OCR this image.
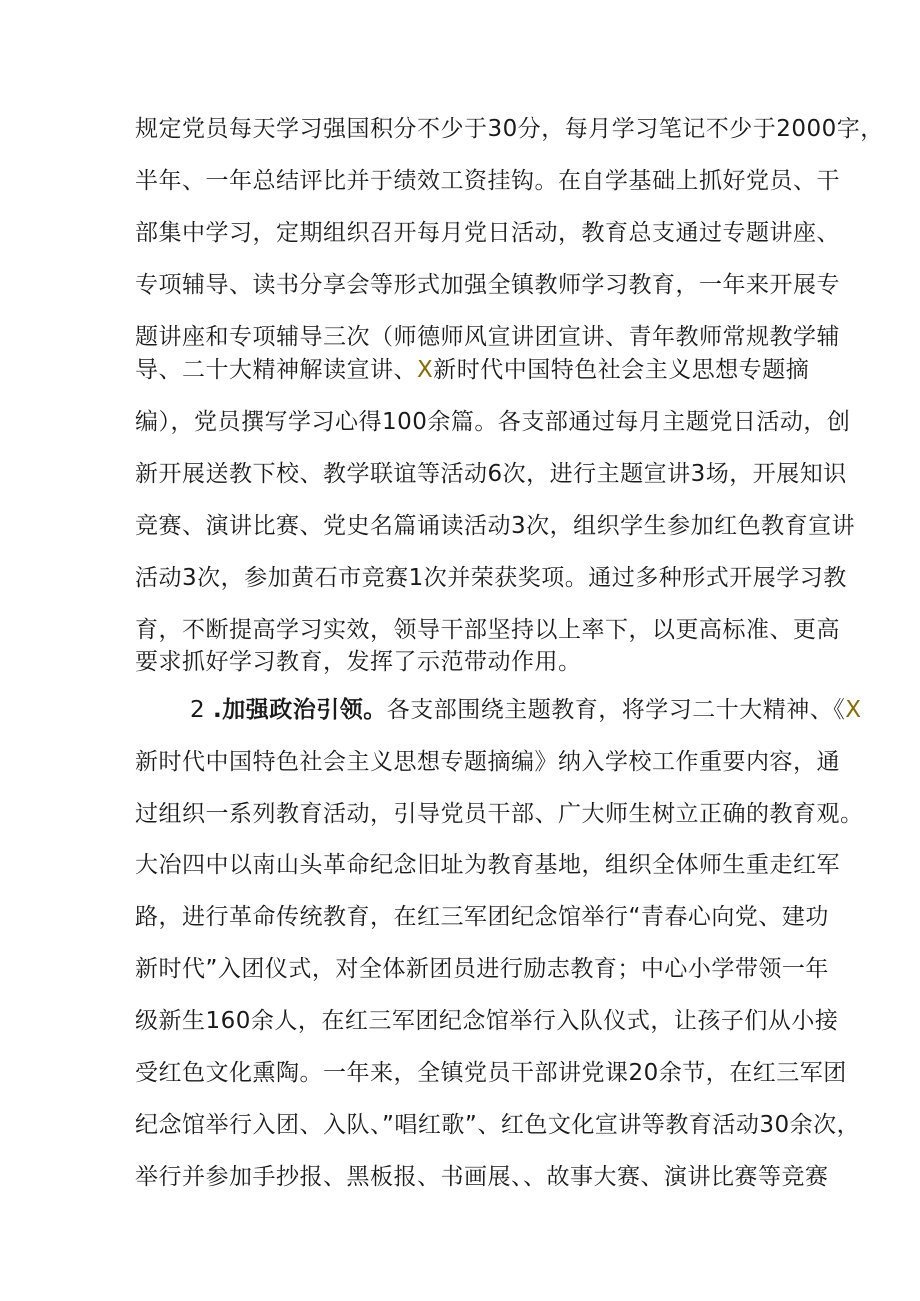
规定党员每天学习强国积分不少于30分，每月学习笔记不少于2000字，
半年、一年总结评比并于绩效工资挂钩。在自学基础上抓好党员、干
部集中学习，定期组织召开每月党日活动，教育总支通过专题讲座、
专项辅导、读书分享会等形式加强全镇教师学习教育，一年来开展专
题讲座和专项辅导三次（师德师风宣讲团宣讲、青年教师常规教学辅
导、二十大精神解读宣讲、X新时代中国特色社会主义思想专题摘
编），党员撰写学习心得100余篇。各支部通过每月主题党日活动，创
新开展送教下校、教学联谊等活动6次，进行主题宣讲3场，开展知识
竞赛、演讲比赛、党史名篇诵读活动3次，组织学生参加红色教育宣讲
活动3次，参加黄石市竞赛1次并荣获奖项。通过多种形式开展学习教
育，不断提高学习实效，领导干部坚持以上率下，以更高标准、更高
要求抓好学习教育，发挥了示范带动作用。
2 .加强政治引领。各支部围绕主题教育，将学习二十大精神、《X
新时代中国特色社会主义思想专题摘编》纳入学校工作重要内容，通
过组织一系列教育活动，引导党员干部、广大师生树立正确的教育观。
大冶四中以南山头革命纪念旧址为教育基地，组织全体师生重走红军
路，进行革命传统教育，在红三军团纪念馆举行“青春心向党、建功
新时代”入团仪式，对全体新团员进行励志教育；中心小学带领一年
级新生160余人，在红三军团纪念馆举行入队仪式，让孩子们从小接
受红色文化熏陶。一年来，全镇党员干部讲党课20余节，在红三军团
纪念馆举行入团、入队、”唱红歌”、红色文化宣讲等教育活动30余次，
举行并参加手抄报、黑板报、书画展、、故事大赛、演讲比赛等竞赛
